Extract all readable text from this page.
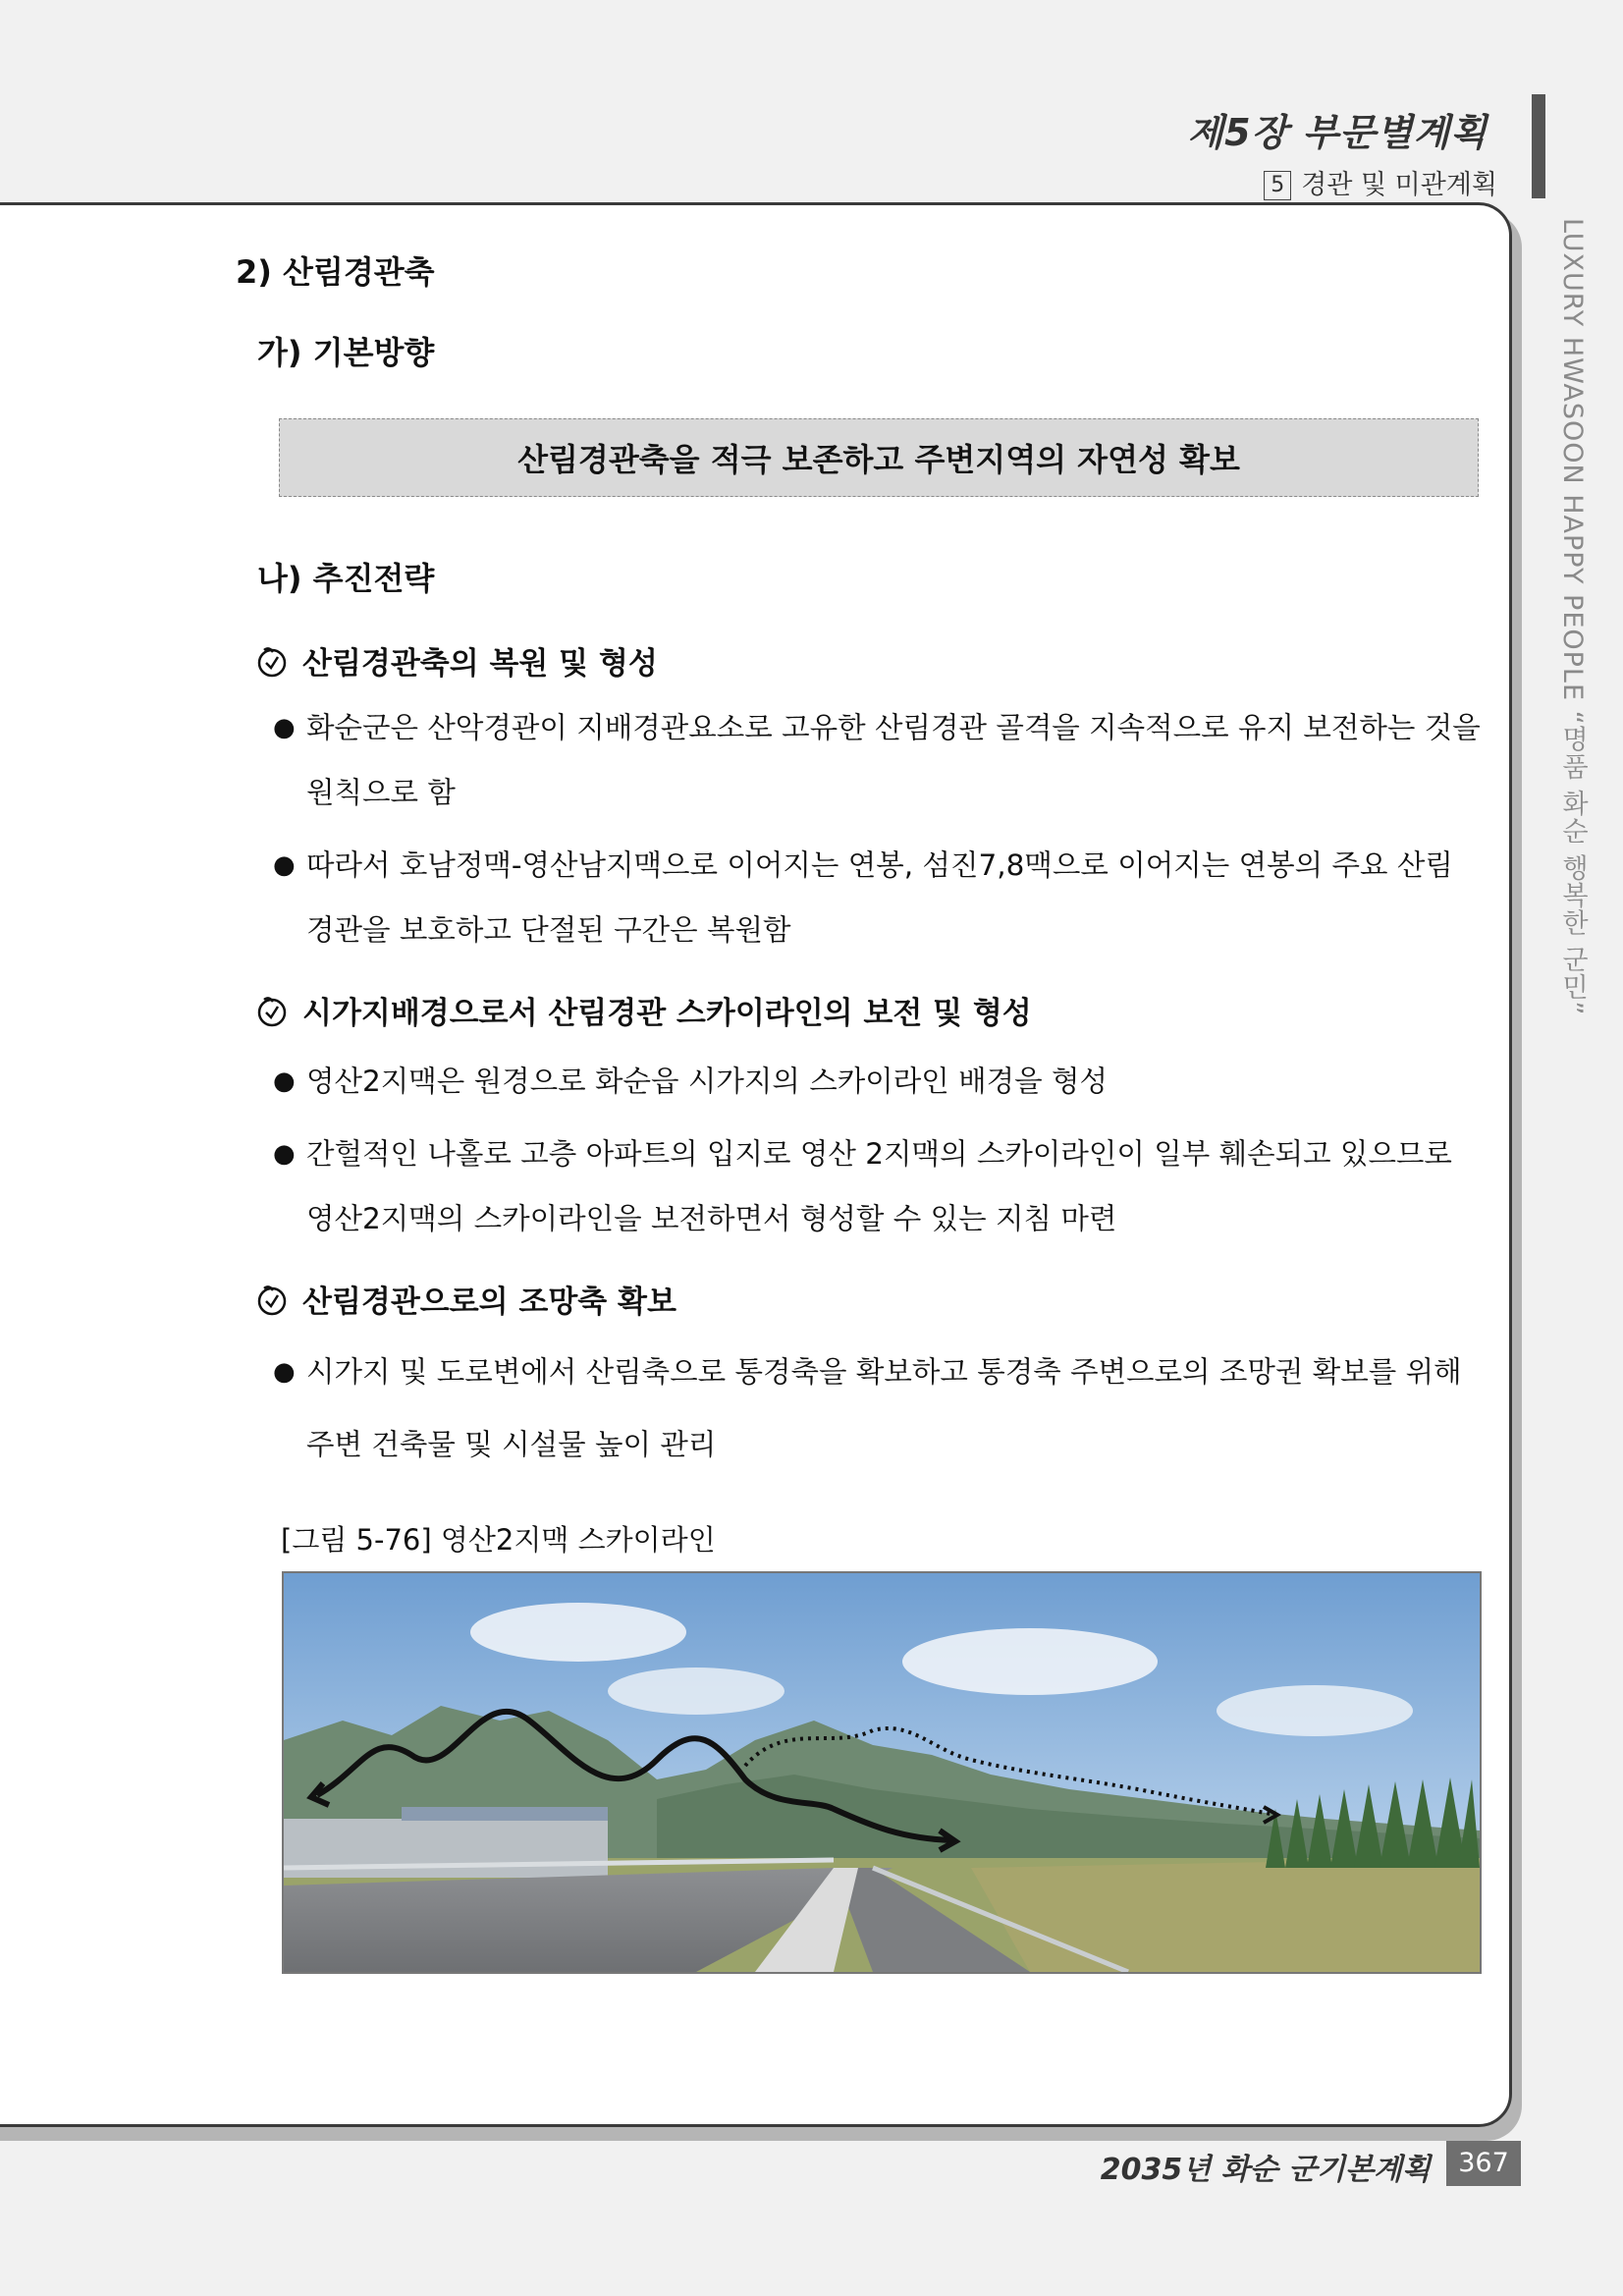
제5장 부문별계획
5 경관 및 미관계획
LUXURY HWASOON HAPPY PEOPLE “명품 화순 행복한 군민”
2) 산림경관축
가) 기본방향
산림경관축을 적극 보존하고 주변지역의 자연성 확보
나) 추진전략
산림경관축의 복원 및 형성
● 화순군은 산악경관이 지배경관요소로 고유한 산림경관 골격을 지속적으로 유지 보전하는 것을
원칙으로 함
● 따라서 호남정맥-영산남지맥으로 이어지는 연봉, 섬진7,8맥으로 이어지는 연봉의 주요 산림
경관을 보호하고 단절된 구간은 복원함
시가지배경으로서 산림경관 스카이라인의 보전 및 형성
● 영산2지맥은 원경으로 화순읍 시가지의 스카이라인 배경을 형성
● 간헐적인 나홀로 고층 아파트의 입지로 영산 2지맥의 스카이라인이 일부 훼손되고 있으므로
영산2지맥의 스카이라인을 보전하면서 형성할 수 있는 지침 마련
산림경관으로의 조망축 확보
● 시가지 및 도로변에서 산림축으로 통경축을 확보하고 통경축 주변으로의 조망권 확보를 위해
주변 건축물 및 시설물 높이 관리
[그림 5-76] 영산2지맥 스카이라인
2035년 화순 군기본계획	367
